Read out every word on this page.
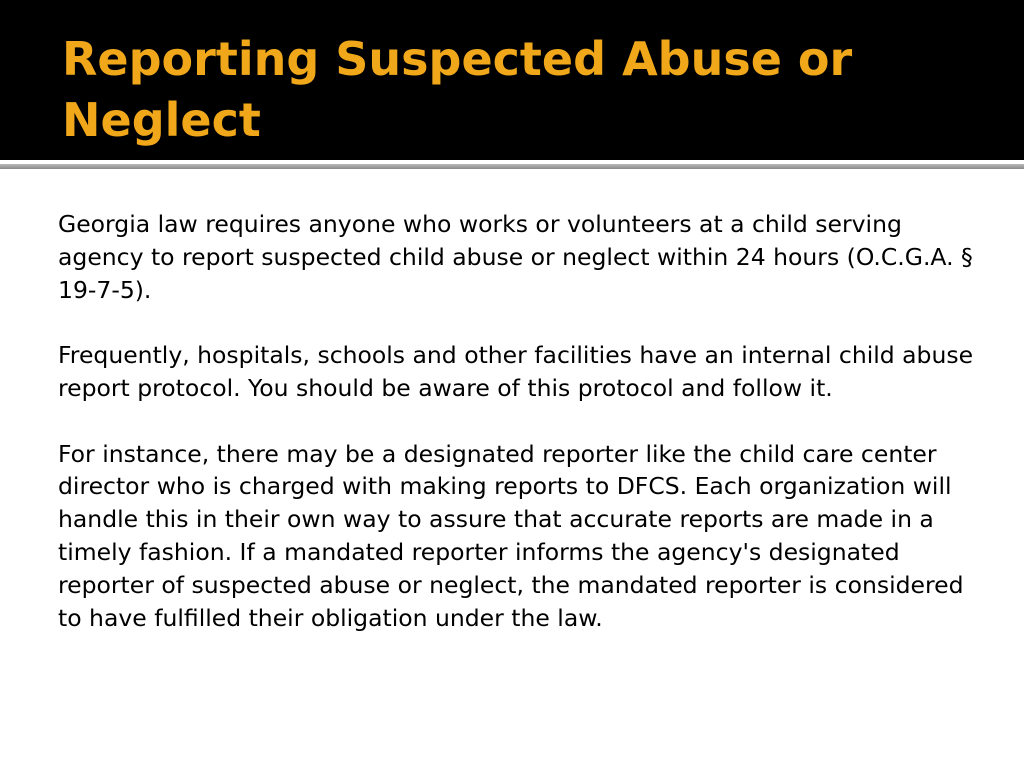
Reporting Suspected Abuse or Neglect

Georgia law requires anyone who works or volunteers at a child serving agency to report suspected child abuse or neglect within 24 hours (O.C.G.A. § 19-7-5).

Frequently, hospitals, schools and other facilities have an internal child abuse report protocol. You should be aware of this protocol and follow it.

For instance, there may be a designated reporter like the child care center director who is charged with making reports to DFCS. Each organization will handle this in their own way to assure that accurate reports are made in a timely fashion. If a mandated reporter informs the agency's designated reporter of suspected abuse or neglect, the mandated reporter is considered to have fulfilled their obligation under the law.
